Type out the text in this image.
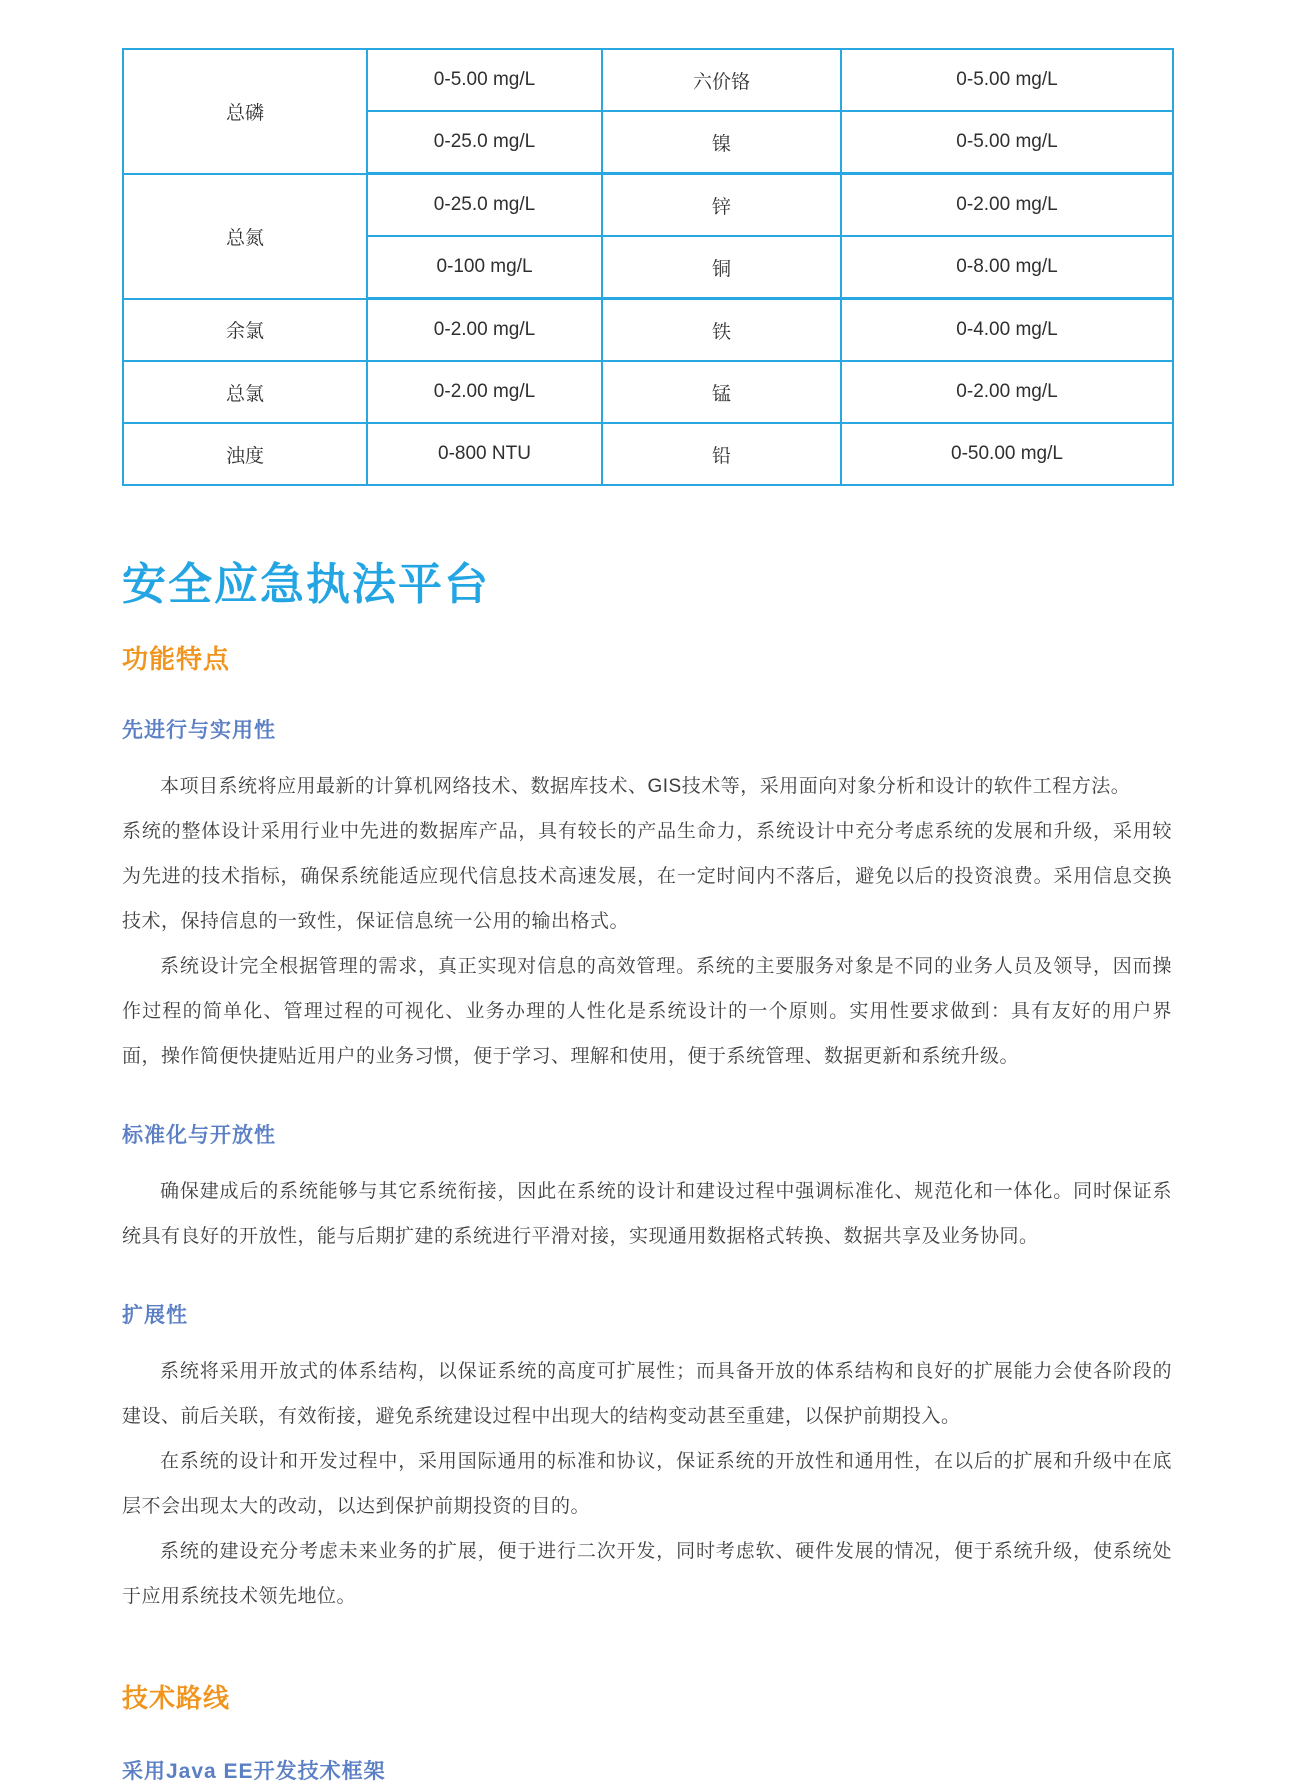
总磷	0-5.00 mg/L	六价铬	0-5.00 mg/L
	0-25.0 mg/L	镍	0-5.00 mg/L
总氮	0-25.0 mg/L	锌	0-2.00 mg/L
	0-100 mg/L	铜	0-8.00 mg/L
余氯	0-2.00 mg/L	铁	0-4.00 mg/L
总氯	0-2.00 mg/L	锰	0-2.00 mg/L
浊度	0-800 NTU	铅	0-50.00 mg/L
安全应急执法平台
功能特点
先进行与实用性

本项目系统将应用最新的计算机网络技术、数据库技术、GIS技术等，采用面向对象分析和设计的软件工程方法。

系统的整体设计采用行业中先进的数据库产品，具有较长的产品生命力，系统设计中充分考虑系统的发展和升级，采用较为先进的技术指标，确保系统能适应现代信息技术高速发展，在一定时间内不落后，避免以后的投资浪费。采用信息交换技术，保持信息的一致性，保证信息统一公用的输出格式。

系统设计完全根据管理的需求，真正实现对信息的高效管理。系统的主要服务对象是不同的业务人员及领导，因而操作过程的简单化、管理过程的可视化、业务办理的人性化是系统设计的一个原则。实用性要求做到：具有友好的用户界面，操作简便快捷贴近用户的业务习惯，便于学习、理解和使用，便于系统管理、数据更新和系统升级。

标准化与开放性

确保建成后的系统能够与其它系统衔接，因此在系统的设计和建设过程中强调标准化、规范化和一体化。同时保证系统具有良好的开放性，能与后期扩建的系统进行平滑对接，实现通用数据格式转换、数据共享及业务协同。

扩展性

系统将采用开放式的体系结构，以保证系统的高度可扩展性；而具备开放的体系结构和良好的扩展能力会使各阶段的建设、前后关联，有效衔接，避免系统建设过程中出现大的结构变动甚至重建，以保护前期投入。

在系统的设计和开发过程中，采用国际通用的标准和协议，保证系统的开放性和通用性，在以后的扩展和升级中在底层不会出现太大的改动，以达到保护前期投资的目的。

系统的建设充分考虑未来业务的扩展，便于进行二次开发，同时考虑软、硬件发展的情况，便于系统升级，使系统处于应用系统技术领先地位。

技术路线
采用Java EE开发技术框架
